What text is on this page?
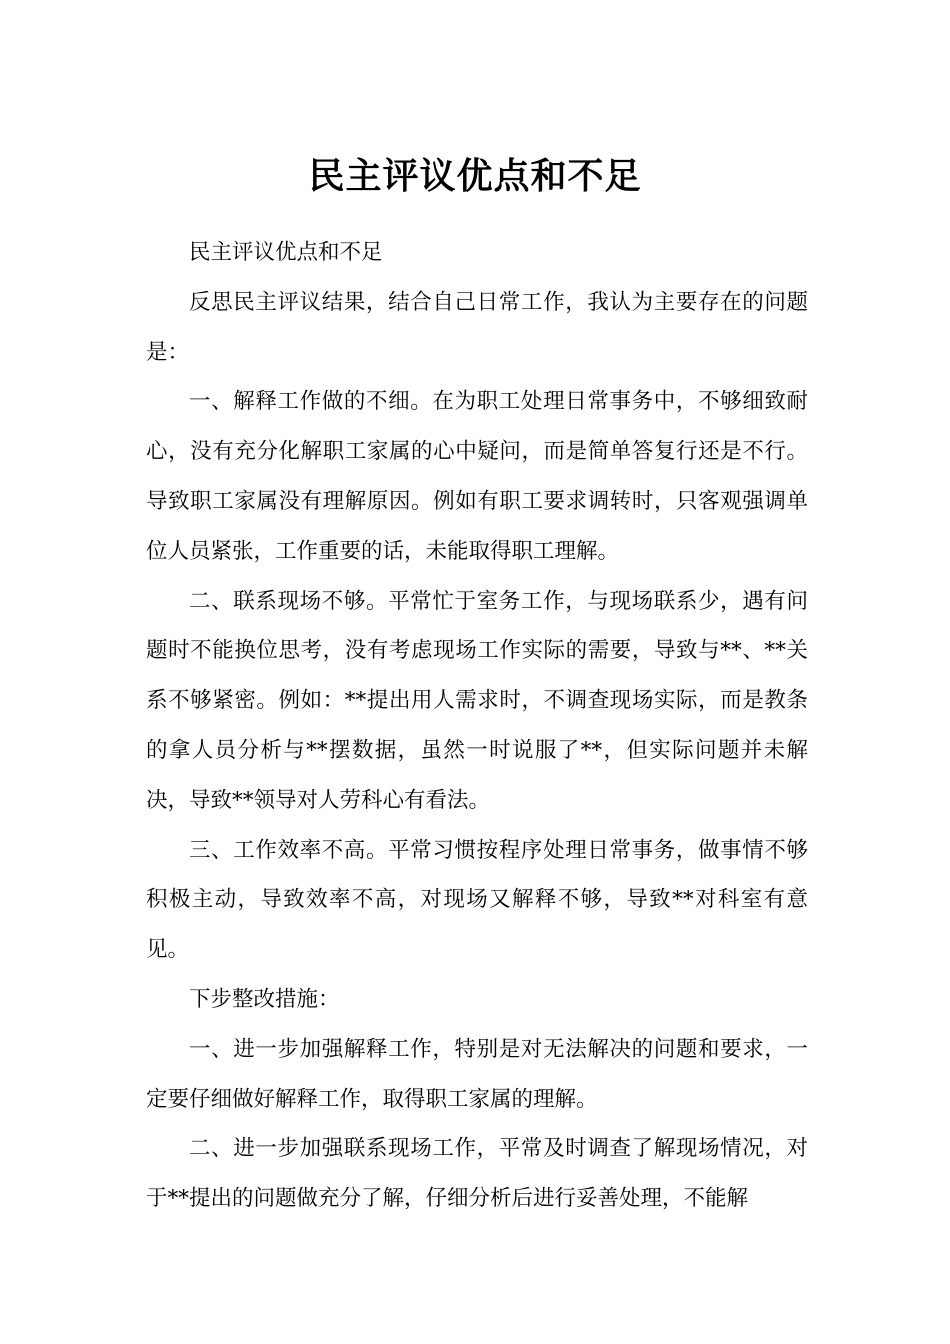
民主评议优点和不足

民主评议优点和不足

反思民主评议结果，结合自己日常工作，我认为主要存在的问题是：

一、解释工作做的不细。在为职工处理日常事务中，不够细致耐心，没有充分化解职工家属的心中疑问，而是简单答复行还是不行。导致职工家属没有理解原因。例如有职工要求调转时，只客观强调单位人员紧张，工作重要的话，未能取得职工理解。

二、联系现场不够。平常忙于室务工作，与现场联系少，遇有问题时不能换位思考，没有考虑现场工作实际的需要，导致与**、**关系不够紧密。例如：**提出用人需求时，不调查现场实际，而是教条的拿人员分析与**摆数据，虽然一时说服了**，但实际问题并未解决，导致**领导对人劳科心有看法。

三、工作效率不高。平常习惯按程序处理日常事务，做事情不够积极主动，导致效率不高，对现场又解释不够，导致**对科室有意见。

下步整改措施：

一、进一步加强解释工作，特别是对无法解决的问题和要求，一定要仔细做好解释工作，取得职工家属的理解。

二、进一步加强联系现场工作，平常及时调查了解现场情况，对于**提出的问题做充分了解，仔细分析后进行妥善处理，不能解
